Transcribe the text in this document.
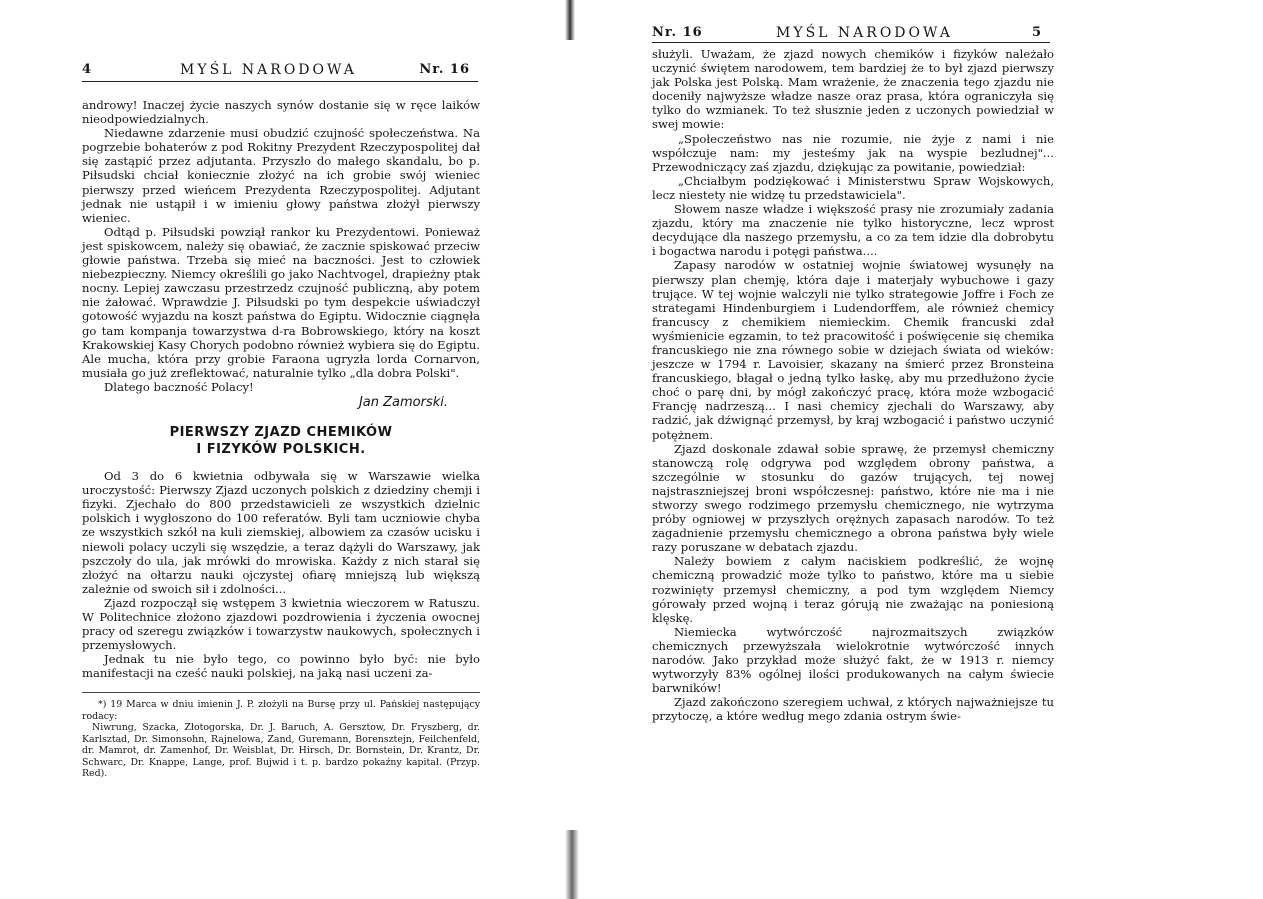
4	MYŚL NARODOWA	Nr. 16

androwy! Inaczej życie naszych synów dostanie się w ręce laików nieodpowiedzialnych.

Niedawne zdarzenie musi obudzić czujność społeczeństwa. Na pogrzebie bohaterów z pod Rokitny Prezydent Rzeczypospolitej dał się zastąpić przez adjutanta. Przyszło do małego skandalu, bo p. Piłsudski chciał koniecznie złożyć na ich grobie swój wieniec pierwszy przed wieńcem Prezydenta Rzeczypospolitej. Adjutant jednak nie ustąpił i w imieniu głowy państwa złożył pierwszy wieniec.

Odtąd p. Piłsudski powziął rankor ku Prezydentowi. Ponieważ jest spiskowcem, należy się obawiać, że zacznie spiskować przeciw głowie państwa. Trzeba się mieć na baczności. Jest to człowiek niebezpieczny. Niemcy określili go jako Nachtvogel, drapieżny ptak nocny. Lepiej zawczasu przestrzedz czujność publiczną, aby potem nie żałować. Wprawdzie J. Piłsudski po tym despekcie uświadczył gotowość wyjazdu na koszt państwa do Egiptu. Widocznie ciągnęła go tam kompanja towarzystwa d-ra Bobrowskiego, który na koszt Krakowskiej Kasy Chorych podobno również wybiera się do Egiptu. Ale mucha, która przy grobie Faraona ugryzła lorda Cornarvon, musiała go już zreflektować, naturalnie tylko „dla dobra Polski".

Dlatego baczność Polacy!

Jan Zamorski.
PIERWSZY ZJAZD CHEMIKÓW
I FIZYKÓW POLSKICH.

Od 3 do 6 kwietnia odbywała się w Warszawie wielka uroczystość: Pierwszy Zjazd uczonych polskich z dziedziny chemji i fizyki. Zjechało do 800 przedstawicieli ze wszystkich dzielnic polskich i wygłoszono do 100 referatów. Byli tam uczniowie chyba ze wszystkich szkół na kuli ziemskiej, albowiem za czasów ucisku i niewoli polacy uczyli się wszędzie, a teraz dążyli do Warszawy, jak pszczoły do ula, jak mrówki do mrowiska. Każdy z nich starał się złożyć na ołtarzu nauki ojczystej ofiarę mniejszą lub większą zależnie od swoich sił i zdolności...

Zjazd rozpoczął się wstępem 3 kwietnia wieczorem w Ratuszu. W Politechnice złożono zjazdowi pozdrowienia i życzenia owocnej pracy od szeregu związków i towarzystw naukowych, społecznych i przemysłowych.

Jednak tu nie było tego, co powinno było być: nie było manifestacji na cześć nauki polskiej, na jaką nasi uczeni za-

*) 19 Marca w dniu imienin J. P. złożyli na Bursę przy ul. Pańskiej następujący rodacy:

Niwrung, Szacka, Złotogorska, Dr. J. Baruch, A. Gersztow, Dr. Fryszberg, dr. Karlsztad, Dr. Simonsohn, Rajnelowa, Zand, Guremann, Borensztejn, Feilchenfeld, dr. Mamrot, dr. Zamenhof, Dr. Weisblat, Dr. Hirsch, Dr. Bornstein, Dr. Krantz, Dr. Schwarc, Dr. Knappe, Lange, prof. Bujwid i t. p. bardzo pokaźny kapitał. (Przyp. Red).

Nr. 16	MYŚL NARODOWA	5

służyli. Uważam, że zjazd nowych chemików i fizyków należało uczynić świętem narodowem, tem bardziej że to był zjazd pierwszy jak Polska jest Polską. Mam wrażenie, że znaczenia tego zjazdu nie doceniły najwyższe władze nasze oraz prasa, która ograniczyła się tylko do wzmianek. To też słusznie jeden z uczonych powiedział w swej mowie:

„Społeczeństwo nas nie rozumie, nie żyje z nami i nie współczuje nam: my jesteśmy jak na wyspie bezludnej"... Przewodniczący zaś zjazdu, dziękując za powitanie, powiedział:

„Chciałbym podziękować i Ministerstwu Spraw Wojskowych, lecz niestety nie widzę tu przedstawiciela".

Słowem nasze władze i większość prasy nie zrozumiały zadania zjazdu, który ma znaczenie nie tylko historyczne, lecz wprost decydujące dla naszego przemysłu, a co za tem idzie dla dobrobytu i bogactwa narodu i potęgi państwa....

Zapasy narodów w ostatniej wojnie światowej wysunęły na pierwszy plan chemję, która daje i materjały wybuchowe i gazy trujące. W tej wojnie walczyli nie tylko strategowie Joffre i Foch ze strategami Hindenburgiem i Ludendorffem, ale również chemicy francuscy z chemikiem niemieckim. Chemik francuski zdał wyśmienicie egzamin, to też pracowitość i poświęcenie się chemika francuskiego nie zna równego sobie w dziejach świata od wieków: jeszcze w 1794 r. Lavoisier, skazany na śmierć przez Bronsteina francuskiego, błagał o jedną tylko łaskę, aby mu przedłużono życie choć o parę dni, by mógł zakończyć pracę, która może wzbogacić Francję nadrzeszą... I nasi chemicy zjechali do Warszawy, aby radzić, jak dźwignąć przemysł, by kraj wzbogacić i państwo uczynić potężnem.

Zjazd doskonale zdawał sobie sprawę, że przemysł chemiczny stanowczą rolę odgrywa pod względem obrony państwa, a szczególnie w stosunku do gazów trujących, tej nowej najstraszniejszej broni współczesnej: państwo, które nie ma i nie stworzy swego rodzimego przemysłu chemicznego, nie wytrzyma próby ogniowej w przyszłych orężnych zapasach narodów. To też zagadnienie przemysłu chemicznego a obrona państwa były wiele razy poruszane w debatach zjazdu.

Należy bowiem z całym naciskiem podkreślić, że wojnę chemiczną prowadzić może tylko to państwo, które ma u siebie rozwinięty przemysł chemiczny, a pod tym względem Niemcy górowały przed wojną i teraz górują nie zważając na poniesioną klęskę.

Niemiecka wytwórczość najrozmaitszych związków chemicznych przewyższała wielokrotnie wytwórczość innych narodów. Jako przykład może służyć fakt, że w 1913 r. niemcy wytworzyły 83% ogólnej ilości produkowanych na całym świecie barwników!

Zjazd zakończono szeregiem uchwał, z których najważniejsze tu przytoczę, a które według mego zdania ostrym świe-
